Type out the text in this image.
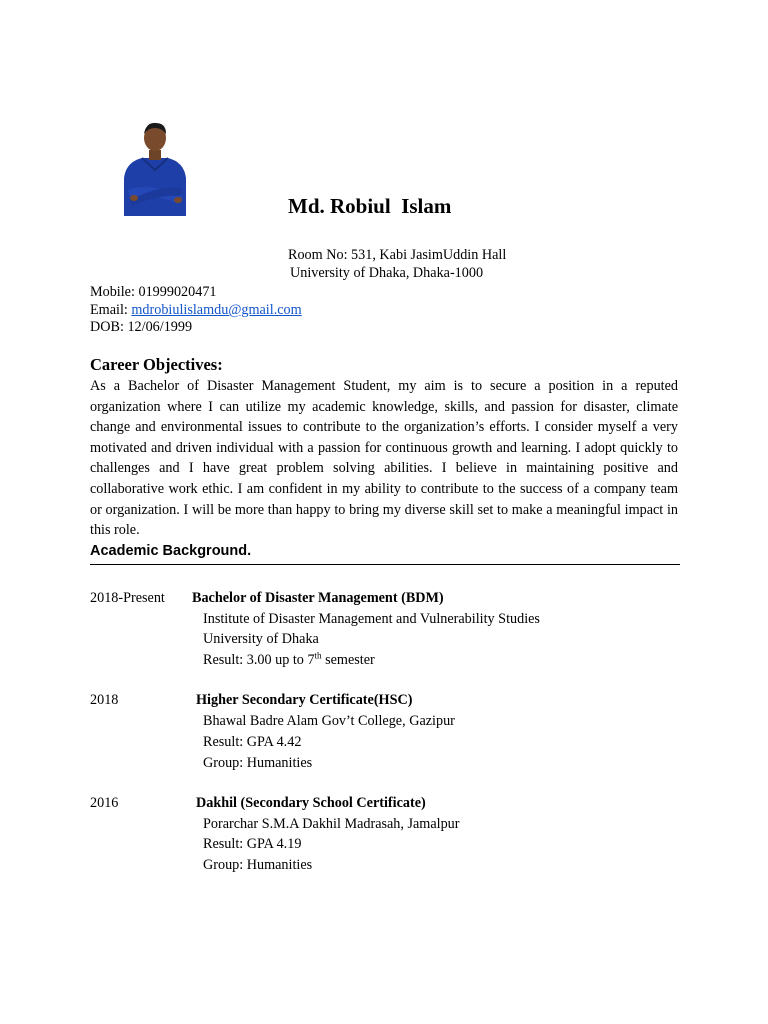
Md. Robiul  Islam
Room No: 531, Kabi JasimUddin Hall
University of Dhaka, Dhaka-1000
Mobile: 01999020471
Email: mdrobiulislamdu@gmail.com
DOB: 12/06/1999
Career Objectives:
As a Bachelor of Disaster Management Student, my aim is to secure a position in a reputed organization where I can utilize my academic knowledge, skills, and passion for disaster, climate change and environmental issues to contribute to the organization’s efforts. I consider myself a very motivated and driven individual with a passion for continuous growth and learning. I adopt quickly to challenges and I have great problem solving abilities. I believe in maintaining positive and collaborative work ethic. I am confident in my ability to contribute to the success of a company team or organization. I will be more than happy to bring my diverse skill set to make a meaningful impact in this role.
Academic Background.
2018-Present Bachelor of Disaster Management (BDM)
Institute of Disaster Management and Vulnerability Studies
University of Dhaka
Result: 3.00 up to 7th semester
2018	Higher Secondary Certificate(HSC)
Bhawal Badre Alam Gov’t College, Gazipur
Result: GPA 4.42
Group: Humanities
2016	Dakhil (Secondary School Certificate)
Porarchar S.M.A Dakhil Madrasah, Jamalpur
Result: GPA 4.19
Group: Humanities
